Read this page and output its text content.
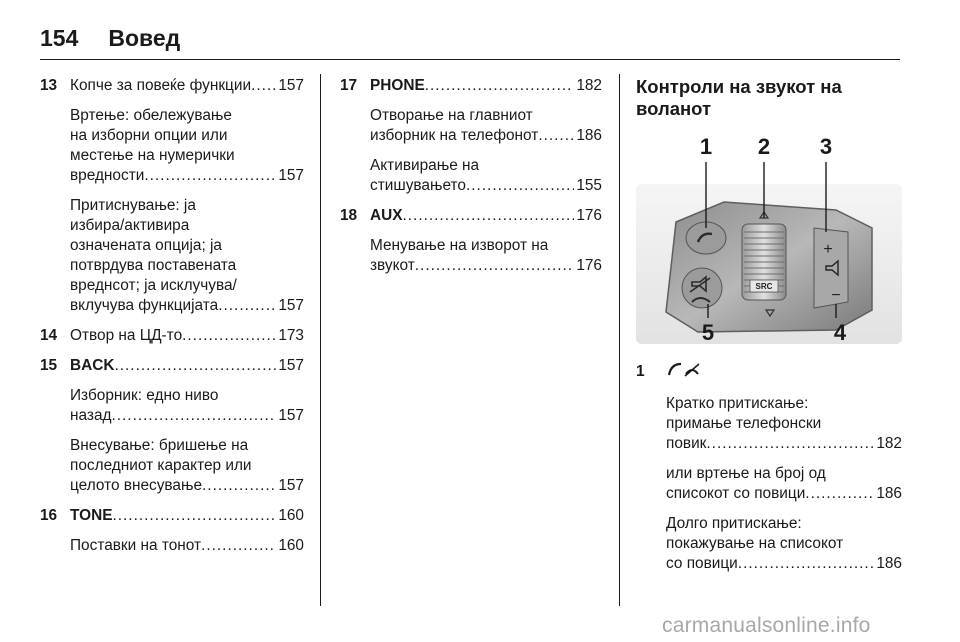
154 Вовед
13 Копче за повеќе функции ..... 157
Вртење: обележување
на изборни опции или
местење на нумерички
вредности .....	157
Притиснување: ја
избира/активира
означената опција; ја
потврдува поставената
вреднсот; ја исклучува/
вклучува функцијата .....	157
14 Отвор на ЦД-то .....	173
15 BACK .....	157
Изборник: едно ниво
назад .....	157
Внесување: бришење на
последниот карактер или
целото внесување .....	157
16 TONE .....	160
Поставки на тонот .....	160
17 PHONE .....	182
Отворање на главниот
изборник на телефонот ..... 186
Активирање на
стишувањето .....	155
18 AUX .....	176
Менување на изворот на
звукот .....	176
Контроли на звукот на
воланот
SRC
+
−
1 2 3
4
5
1
Кратко притискање:
примање телефонски
повик .....	182
или вртење на број од
списокот со повици .....	186
Долго притискање:
покажување на списокот
со повици .....	186
carmanualsonline.info
